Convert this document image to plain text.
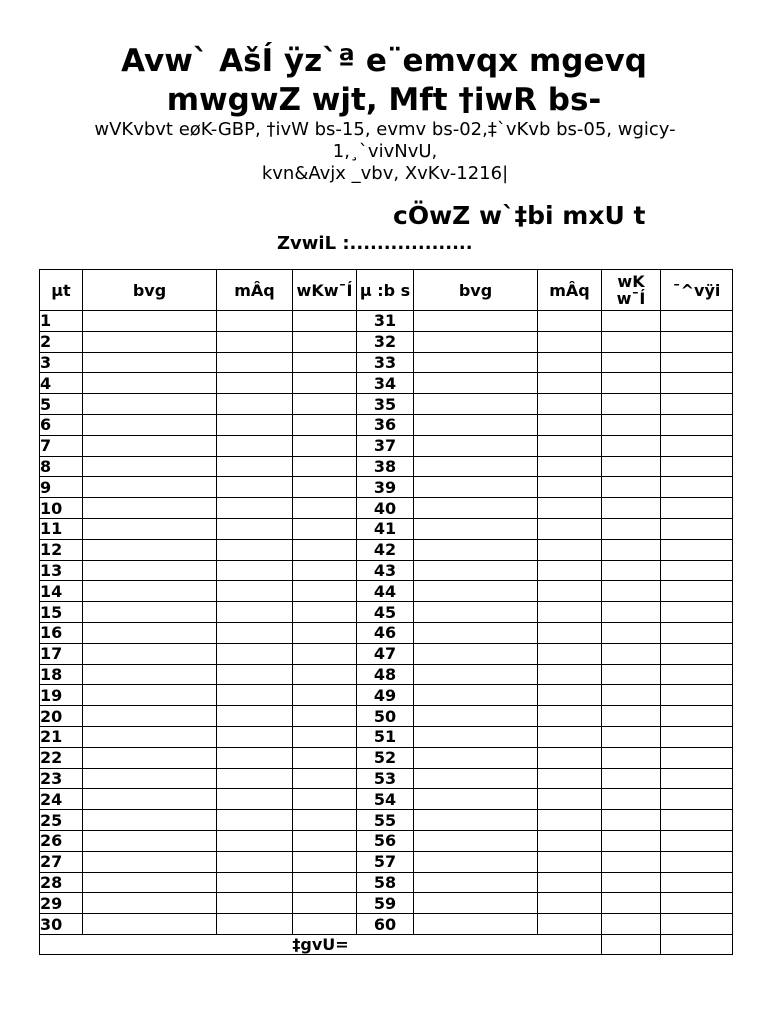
Avw` AšÍ ÿz`ª e¨emvqx mgevq
mwgwZ wjt, Mft †iwR bs-
wVKvbvt eøK-GBP, †ivW bs-15, evmv bs-02,‡`vKvb bs-05, wgicy-
1,¸`vivNvU,
kvn&Avjx _vbv, XvKv-1216|
cÖwZ w`‡bi mxU t
ZvwiL :..................
µt	bvg	mÂq	wKw¯Í	µ :b s	bvg	mÂq	wK w¯Í	¯^vÿi
1				31				
2				32				
3				33				
4				34				
5				35				
6				36				
7				37				
8				38				
9				39				
10				40				
11				41				
12				42				
13				43				
14				44				
15				45				
16				46				
17				47				
18				48				
19				49				
20				50				
21				51				
22				52				
23				53				
24				54				
25				55				
26				56				
27				57				
28				58				
29				59				
30				60				
‡gvU=								
